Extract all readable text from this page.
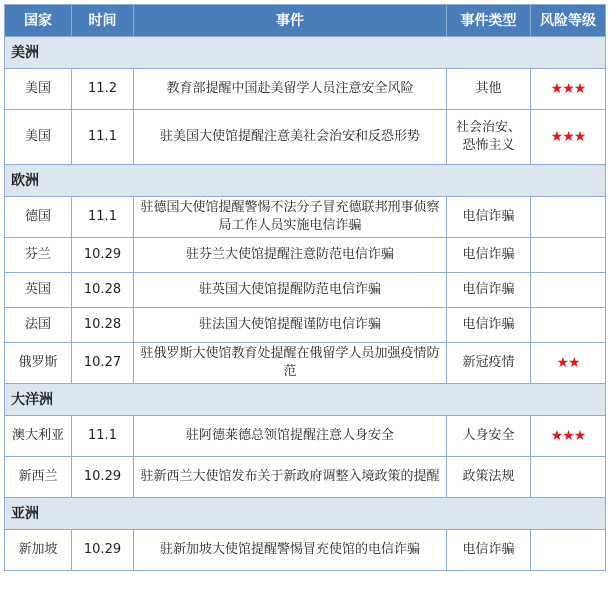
国家	时间	事件	事件类型	风险等级
美洲				
美国	11.2	教育部提醒中国赴美留学人员注意安全风险	其他	★★★
美国	11.1	驻美国大使馆提醒注意美社会治安和反恐形势	社会治安、恐怖主义	★★★
欧洲				
德国	11.1	驻德国大使馆提醒警惕不法分子冒充德联邦刑事侦察局工作人员实施电信诈骗	电信诈骗	
芬兰	10.29	驻芬兰大使馆提醒注意防范电信诈骗	电信诈骗	
英国	10.28	驻英国大使馆提醒防范电信诈骗	电信诈骗	
法国	10.28	驻法国大使馆提醒谨防电信诈骗	电信诈骗	
俄罗斯	10.27	驻俄罗斯大使馆教育处提醒在俄留学人员加强疫情防范	新冠疫情	★★
大洋洲				
澳大利亚	11.1	驻阿德莱德总领馆提醒注意人身安全	人身安全	★★★
新西兰	10.29	驻新西兰大使馆发布关于新政府调整入境政策的提醒	政策法规	
亚洲				
新加坡	10.29	驻新加坡大使馆提醒警惕冒充使馆的电信诈骗	电信诈骗	
